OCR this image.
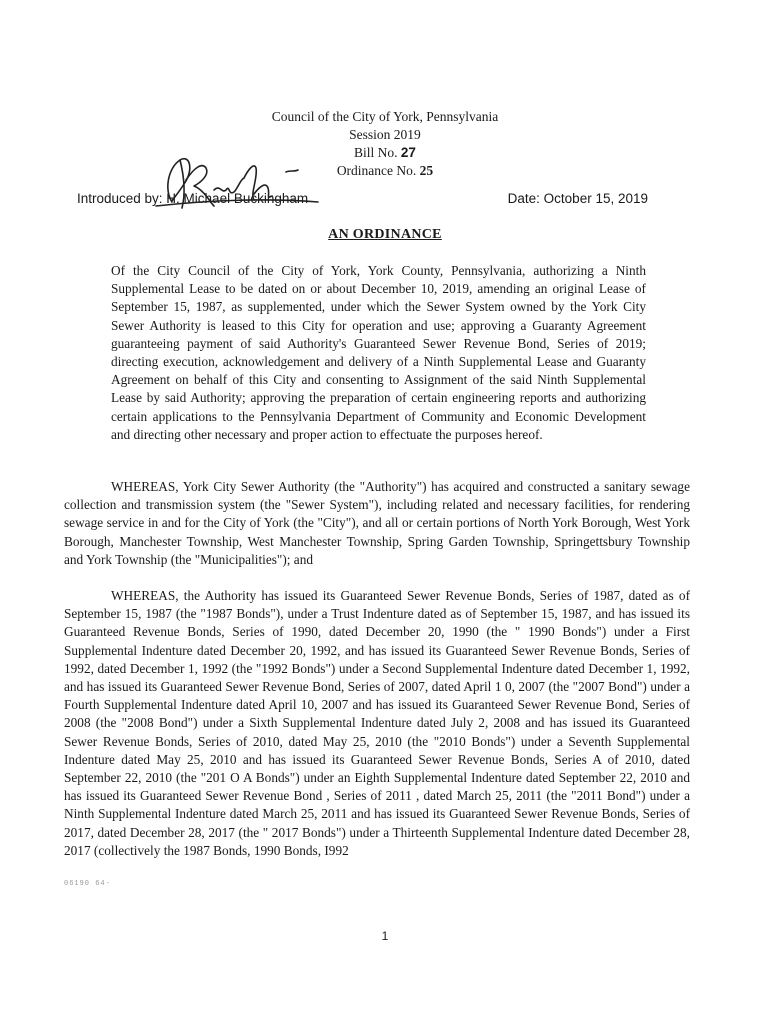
Council of the City of York, Pennsylvania
Session 2019
Bill No. 27
Ordinance No. 25
Introduced by: H. Michael Buckingham	Date: October 15, 2019
AN ORDINANCE
Of the City Council of the City of York, York County, Pennsylvania, authorizing a Ninth Supplemental Lease to be dated on or about December 10, 2019, amending an original Lease of September 15, 1987, as supplemented, under which the Sewer System owned by the York City Sewer Authority is leased to this City for operation and use; approving a Guaranty Agreement guaranteeing payment of said Authority's Guaranteed Sewer Revenue Bond, Series of 2019; directing execution, acknowledgement and delivery of a Ninth Supplemental Lease and Guaranty Agreement on behalf of this City and consenting to Assignment of the said Ninth Supplemental Lease by said Authority; approving the preparation of certain engineering reports and authorizing certain applications to the Pennsylvania Department of Community and Economic Development and directing other necessary and proper action to effectuate the purposes hereof.
WHEREAS, York City Sewer Authority (the "Authority") has acquired and constructed a sanitary sewage collection and transmission system (the "Sewer System"), including related and necessary facilities, for rendering sewage service in and for the City of York (the "City"), and all or certain portions of North York Borough, West York Borough, Manchester Township, West Manchester Township, Spring Garden Township, Springettsbury Township and York Township (the "Municipalities"); and
WHEREAS, the Authority has issued its Guaranteed Sewer Revenue Bonds, Series of 1987, dated as of September 15, 1987 (the "1987 Bonds"), under a Trust Indenture dated as of September 15, 1987, and has issued its Guaranteed Revenue Bonds, Series of 1990, dated December 20, 1990 (the " 1990 Bonds") under a First Supplemental Indenture dated December 20, 1992, and has issued its Guaranteed Sewer Revenue Bonds, Series of 1992, dated December 1, 1992 (the "1992 Bonds") under a Second Supplemental Indenture dated December 1, 1992, and has issued its Guaranteed Sewer Revenue Bond, Series of 2007, dated April 1 0, 2007 (the "2007 Bond") under a Fourth Supplemental Indenture dated April 10, 2007 and has issued its Guaranteed Sewer Revenue Bond, Series of 2008 (the "2008 Bond") under a Sixth Supplemental Indenture dated July 2, 2008 and has issued its Guaranteed Sewer Revenue Bonds, Series of 2010, dated May 25, 2010 (the "2010 Bonds") under a Seventh Supplemental Indenture dated May 25, 2010 and has issued its Guaranteed Sewer Revenue Bonds, Series A of 2010, dated September 22, 2010 (the "201 O A Bonds") under an Eighth Supplemental Indenture dated September 22, 2010 and has issued its Guaranteed Sewer Revenue Bond , Series of 2011 , dated March 25, 2011 (the "2011 Bond") under a Ninth Supplemental Indenture dated March 25, 2011 and has issued its Guaranteed Sewer Revenue Bonds, Series of 2017, dated December 28, 2017 (the " 2017 Bonds") under a Thirteenth Supplemental Indenture dated December 28, 2017 (collectively the 1987 Bonds, 1990 Bonds, I992
06190 64-
1
